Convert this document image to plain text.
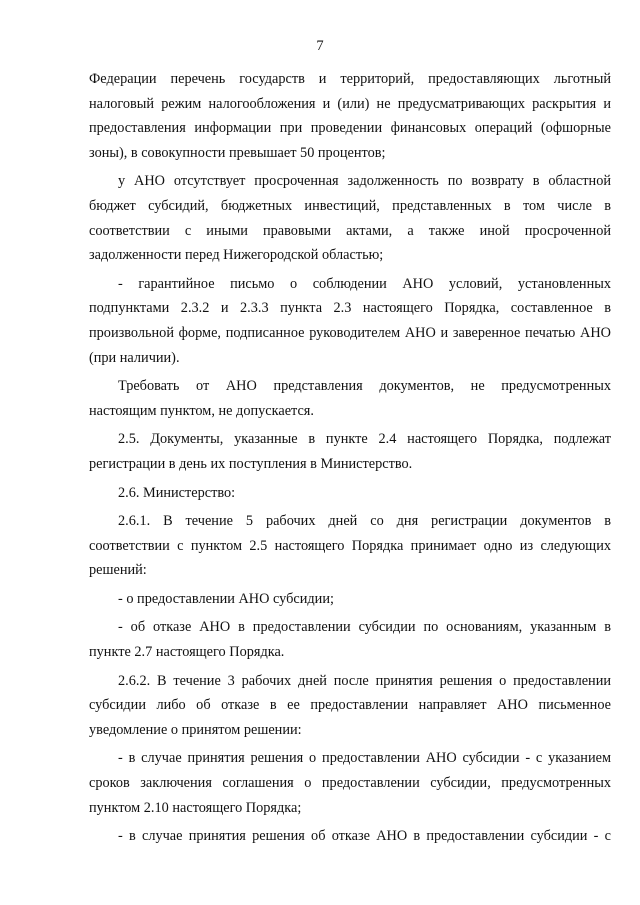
7
Федерации перечень государств и территорий, предоставляющих льготный
налоговый режим налогообложения и (или) не предусматривающих раскрытия и
предоставления информации при проведении финансовых операций (офшорные
зоны), в совокупности превышает 50 процентов;
у АНО отсутствует просроченная задолженность по возврату в областной
бюджет субсидий, бюджетных инвестиций, представленных в том числе в
соответствии с иными правовыми актами, а также иной просроченной
задолженности перед Нижегородской областью;
- гарантийное письмо о соблюдении АНО условий, установленных
подпунктами 2.3.2 и 2.3.3 пункта 2.3 настоящего Порядка, составленное в
произвольной форме, подписанное руководителем АНО и заверенное печатью АНО
(при наличии).
Требовать от АНО представления документов, не предусмотренных
настоящим пунктом, не допускается.
2.5. Документы, указанные в пункте 2.4 настоящего Порядка, подлежат
регистрации в день их поступления в Министерство.
2.6. Министерство:
2.6.1. В течение 5 рабочих дней со дня регистрации документов в
соответствии с пунктом 2.5 настоящего Порядка принимает одно из следующих
решений:
- о предоставлении АНО субсидии;
- об отказе АНО в предоставлении субсидии по основаниям, указанным в
пункте 2.7 настоящего Порядка.
2.6.2. В течение 3 рабочих дней после принятия решения о предоставлении
субсидии либо об отказе в ее предоставлении направляет АНО письменное
уведомление о принятом решении:
- в случае принятия решения о предоставлении АНО субсидии - с указанием
сроков заключения соглашения о предоставлении субсидии, предусмотренных
пунктом 2.10 настоящего Порядка;
- в случае принятия решения об отказе АНО в предоставлении субсидии - с
